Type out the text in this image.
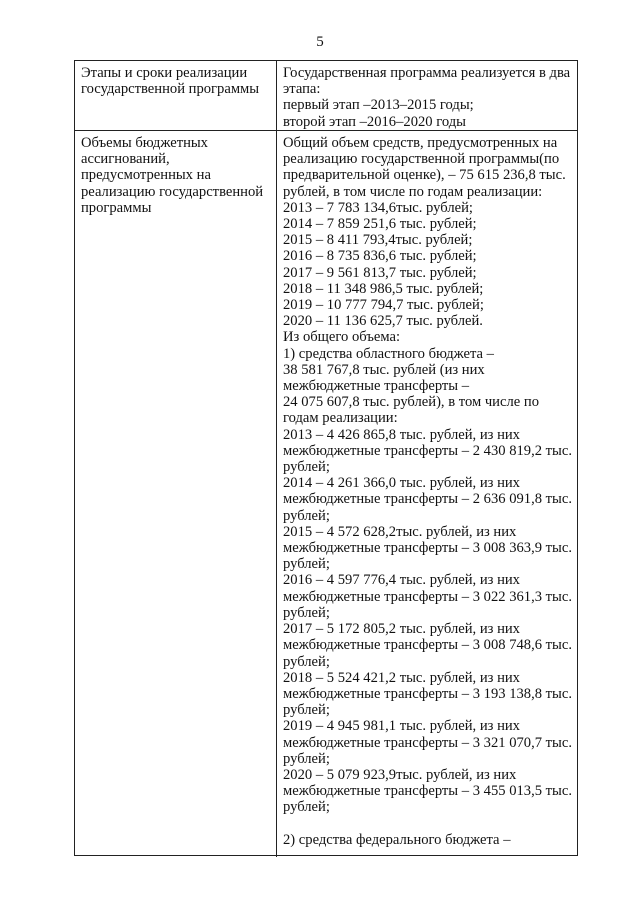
5
Этапы и сроки реализации
государственной программы
Государственная программа реализуется в два
этапа:
первый этап –2013–2015 годы;
второй этап –2016–2020 годы
Объемы бюджетных
ассигнований,
предусмотренных на
реализацию государственной
программы
Общий объем средств, предусмотренных на
реализацию государственной программы(по
предварительной оценке), – 75 615 236,8 тыс.
рублей, в том числе по годам реализации:
2013 – 7 783 134,6тыс. рублей;
2014 – 7 859 251,6 тыс. рублей;
2015 – 8 411 793,4тыс. рублей;
2016 – 8 735 836,6 тыс. рублей;
2017 – 9 561 813,7 тыс. рублей;
2018 – 11 348 986,5 тыс. рублей;
2019 – 10 777 794,7 тыс. рублей;
2020 – 11 136 625,7 тыс. рублей.
Из общего объема:
1) средства областного бюджета –
38 581 767,8 тыс. рублей (из них
межбюджетные трансферты –
24 075 607,8 тыс. рублей), в том числе по
годам реализации:
2013 – 4 426 865,8 тыс. рублей, из них
межбюджетные трансферты – 2 430 819,2 тыс.
рублей;
2014 – 4 261 366,0 тыс. рублей, из них
межбюджетные трансферты – 2 636 091,8 тыс.
рублей;
2015 – 4 572 628,2тыс. рублей, из них
межбюджетные трансферты – 3 008 363,9 тыс.
рублей;
2016 – 4 597 776,4 тыс. рублей, из них
межбюджетные трансферты – 3 022 361,3 тыс.
рублей;
2017 – 5 172 805,2 тыс. рублей, из них
межбюджетные трансферты – 3 008 748,6 тыс.
рублей;
2018 – 5 524 421,2 тыс. рублей, из них
межбюджетные трансферты – 3 193 138,8 тыс.
рублей;
2019 – 4 945 981,1 тыс. рублей, из них
межбюджетные трансферты – 3 321 070,7 тыс.
рублей;
2020 – 5 079 923,9тыс. рублей, из них
межбюджетные трансферты – 3 455 013,5 тыс.
рублей;
2) средства федерального бюджета –
